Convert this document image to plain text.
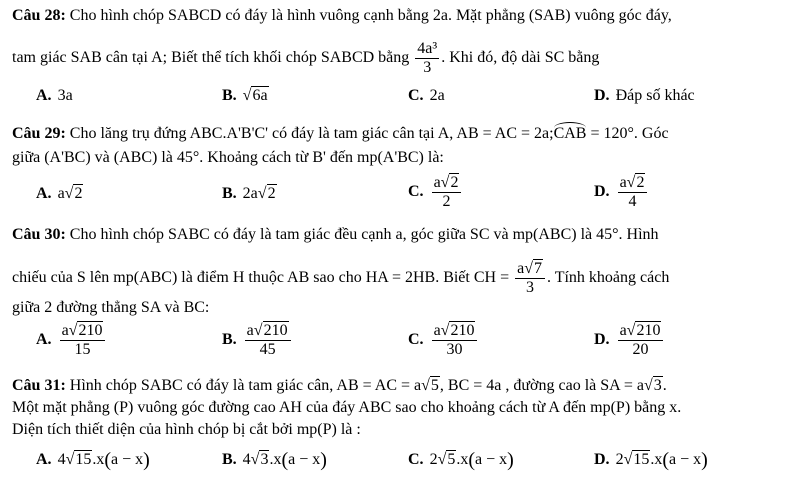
Câu 28: Cho hình chóp SABCD có đáy là hình vuông cạnh bằng 2a. Mặt phẳng (SAB) vuông góc đáy,
tam giác SAB cân tại A; Biết thể tích khối chóp SABCD bằng $\frac{\text{4a³}}{3}$ . Khi đó, độ dài SC bằng
A. 3a	B. √6a	C. 2a	D. Đáp số khác
Câu 29: Cho lăng trụ đứng ABC.A'B'C' có đáy là tam giác cân tại A, AB = AC = 2a;CAB = 120°. Góc
giữa (A'BC) và (ABC) là 45°. Khoảng cách từ B' đến mp(A'BC) là:
A. a√2	B. 2a√2	C. $\frac{a√2}{2}$	D. $\frac{a√2}{4}$
Câu 30: Cho hình chóp SABC có đáy là tam giác đều cạnh a, góc giữa SC và mp(ABC) là 45°. Hình
chiếu của S lên mp(ABC) là điểm H thuộc AB sao cho HA = 2HB. Biết CH = $\frac{a√7}{3}$ . Tính khoảng cách
giữa 2 đường thẳng SA và BC:
A. $\frac{a√210}{15}$	B. $\frac{a√210}{45}$	C. $\frac{a√210}{30}$	D. $\frac{a√210}{20}$
Câu 31: Hình chóp SABC có đáy là tam giác cân, AB = AC = a√5, BC = 4a , đường cao là SA = a√3.
Một mặt phẳng (P) vuông góc đường cao AH của đáy ABC sao cho khoảng cách từ A đến mp(P) bằng x.
Diện tích thiết diện của hình chóp bị cắt bởi mp(P) là :
A. 4√15.x(a − x)	B. 4√3.x(a − x)	C. 2√5.x(a − x)	D. 2√15.x(a − x)
